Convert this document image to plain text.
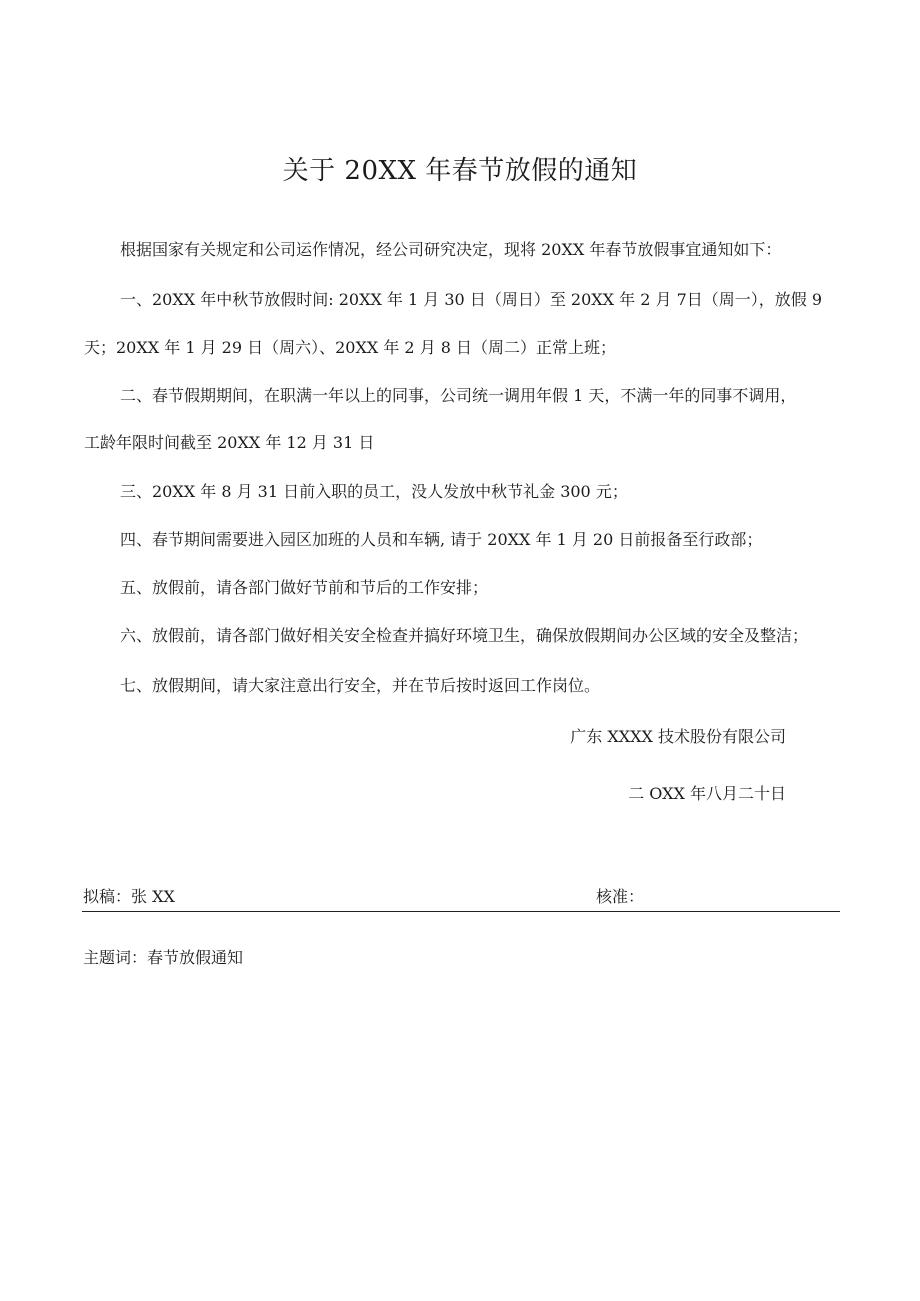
关于 20XX 年春节放假的通知
根据国家有关规定和公司运作情况，经公司研究决定，现将 20XX 年春节放假事宜通知如下：
一、20XX 年中秋节放假时间: 20XX 年 1 月 30 日（周日）至 20XX 年 2 月 7日（周一），放假 9
天；20XX 年 1 月 29 日（周六）、20XX 年 2 月 8 日（周二）正常上班；
二、春节假期期间，在职满一年以上的同事，公司统一调用年假 1 天，不满一年的同事不调用，
工龄年限时间截至 20XX 年 12 月 31 日
三、20XX 年 8 月 31 日前入职的员工，没人发放中秋节礼金 300 元；
四、春节期间需要进入园区加班的人员和车辆, 请于 20XX 年 1 月 20 日前报备至行政部；
五、放假前，请各部门做好节前和节后的工作安排；
六、放假前，请各部门做好相关安全检查并搞好环境卫生，确保放假期间办公区域的安全及整洁；
七、放假期间，请大家注意出行安全，并在节后按时返回工作岗位。
广东 XXXX 技术股份有限公司
二 OXX 年八月二十日
拟稿：张 XX	核准：
主题词：春节放假通知
